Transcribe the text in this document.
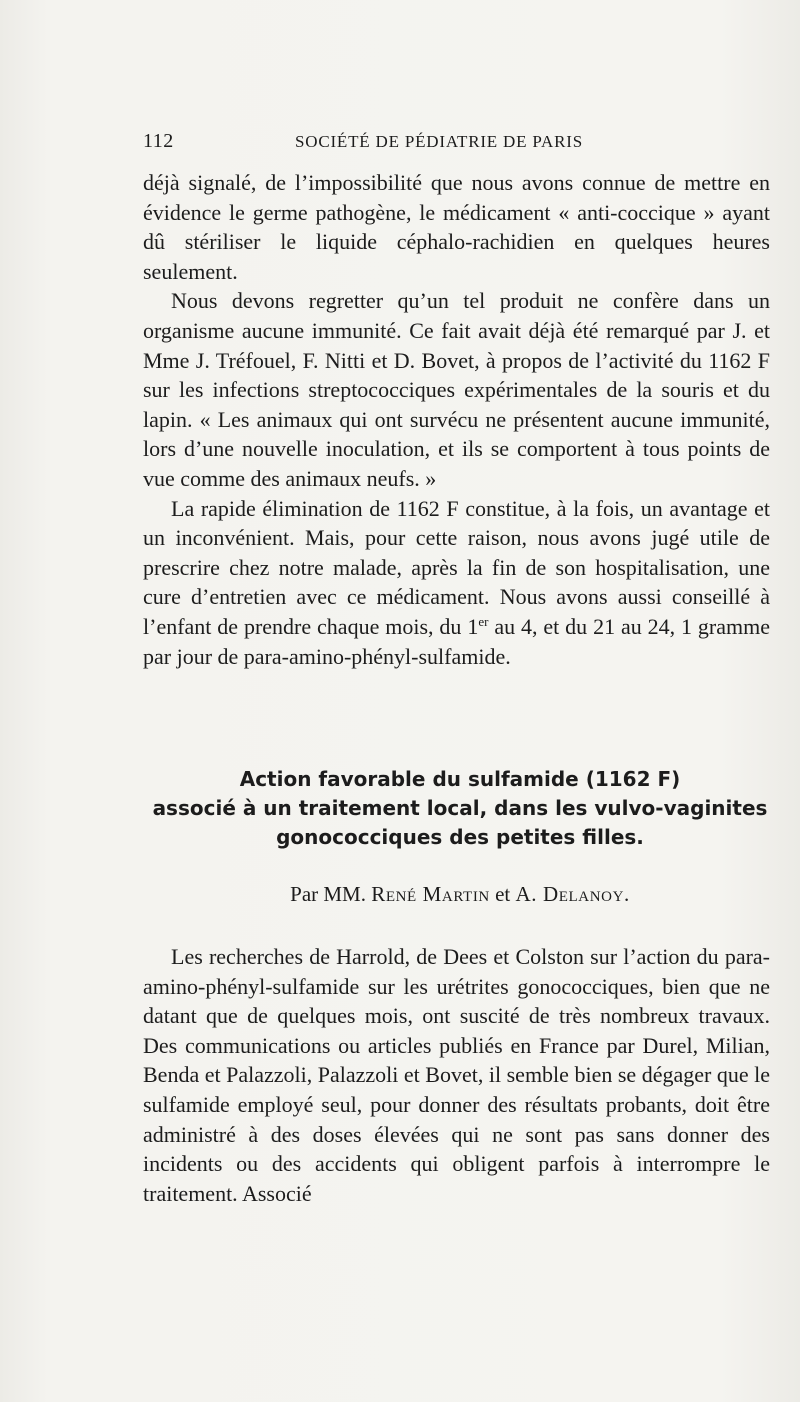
112	SOCIÉTÉ DE PÉDIATRIE DE PARIS

déjà signalé, de l’impossibilité que nous avons connue de mettre en évidence le germe pathogène, le médicament « anti-coccique » ayant dû stériliser le liquide céphalo-rachidien en quelques heures seulement.

Nous devons regretter qu’un tel produit ne confère dans un organisme aucune immunité. Ce fait avait déjà été remarqué par J. et Mme J. Tréfouel, F. Nitti et D. Bovet, à propos de l’activité du 1162 F sur les infections streptococciques expérimentales de la souris et du lapin. « Les animaux qui ont survécu ne présentent aucune immunité, lors d’une nouvelle inoculation, et ils se comportent à tous points de vue comme des animaux neufs. »

La rapide élimination de 1162 F constitue, à la fois, un avantage et un inconvénient. Mais, pour cette raison, nous avons jugé utile de prescrire chez notre malade, après la fin de son hospitalisation, une cure d’entretien avec ce médicament. Nous avons aussi conseillé à l’enfant de prendre chaque mois, du 1er au 4, et du 21 au 24, 1 gramme par jour de para-amino-phényl-sulfamide.

Action favorable du sulfamide (1162 F)
associé à un traitement local, dans les vulvo-vaginites
gonococciques des petites filles.
Par MM. René Martin et A. Delanoy.

Les recherches de Harrold, de Dees et Colston sur l’action du para-amino-phényl-sulfamide sur les urétrites gonococciques, bien que ne datant que de quelques mois, ont suscité de très nombreux travaux. Des communications ou articles publiés en France par Durel, Milian, Benda et Palazzoli, Palazzoli et Bovet, il semble bien se dégager que le sulfamide employé seul, pour donner des résultats probants, doit être administré à des doses élevées qui ne sont pas sans donner des incidents ou des accidents qui obligent parfois à interrompre le traitement. Associé
